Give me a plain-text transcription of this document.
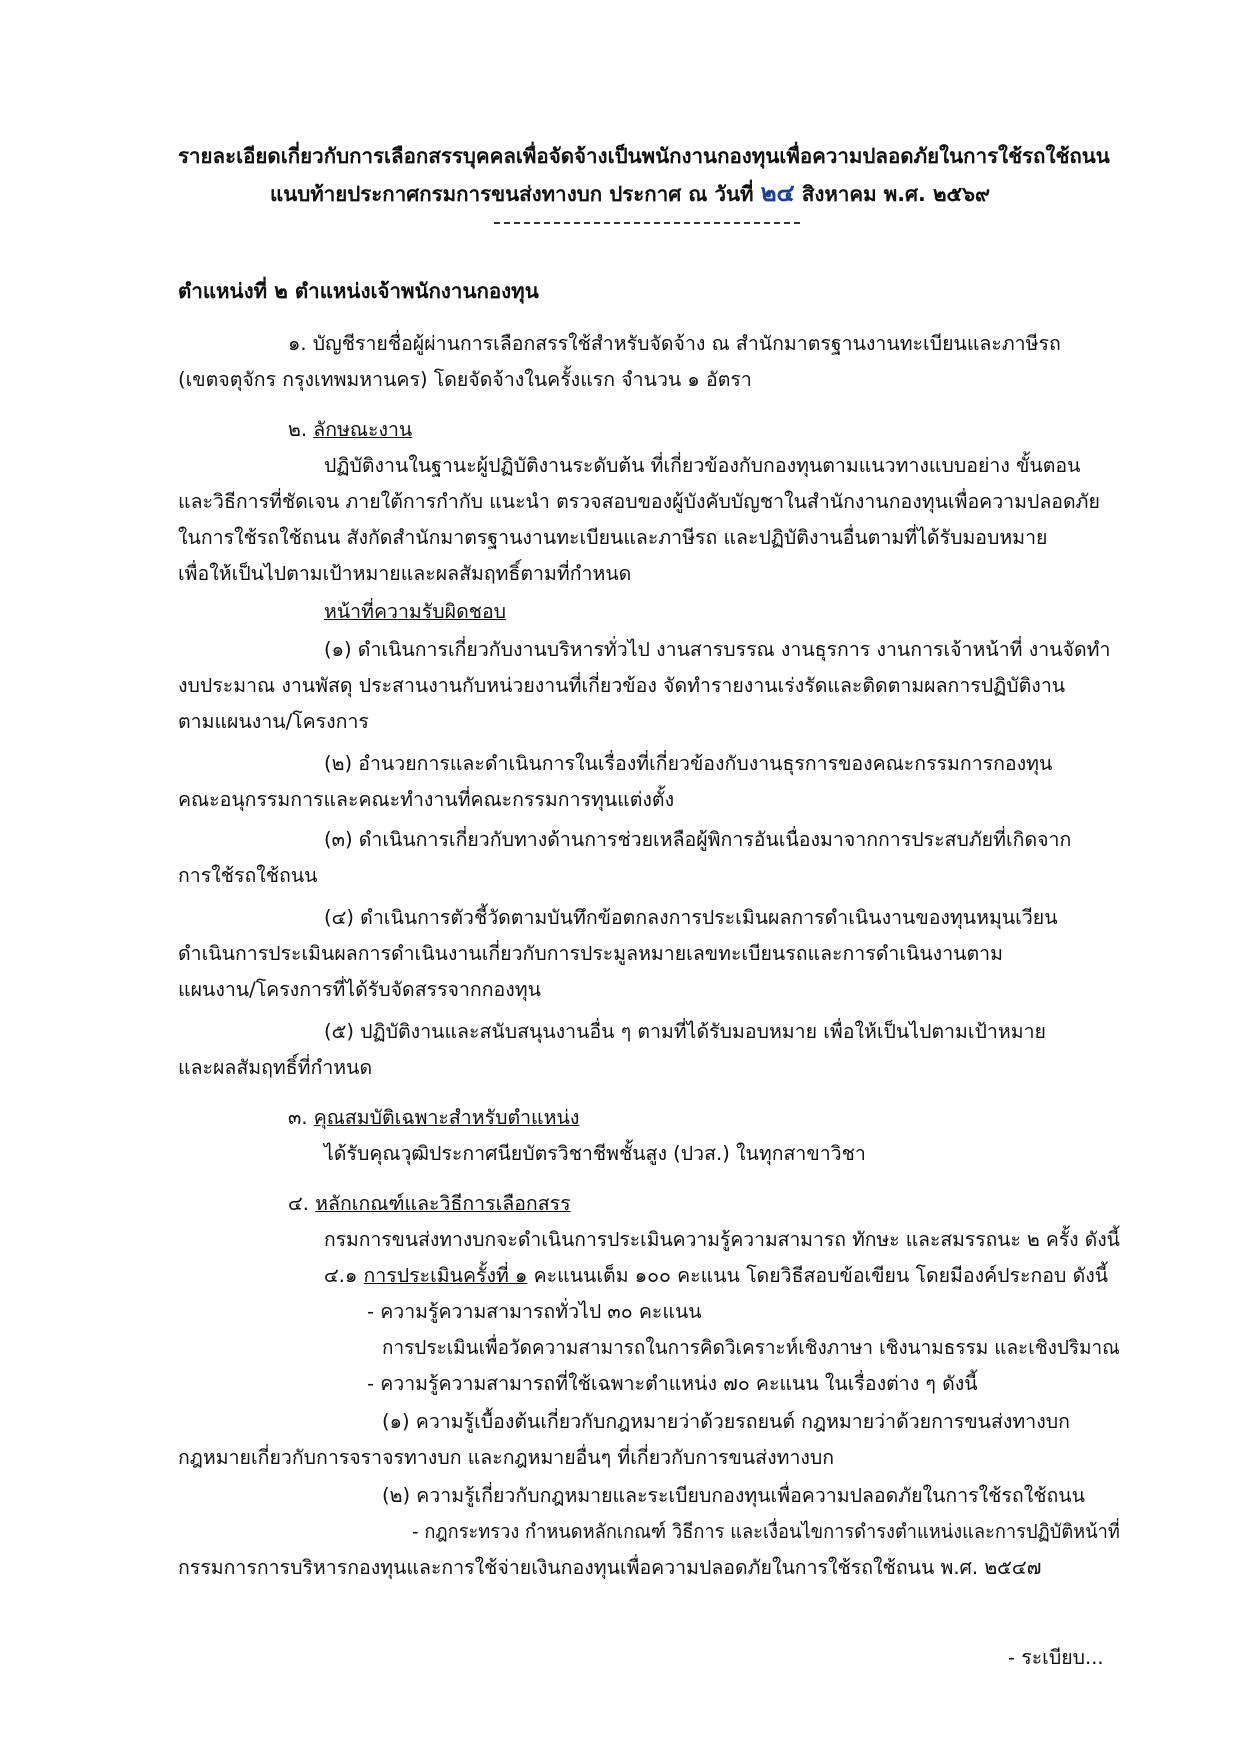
รายละเอียดเกี่ยวกับการเลือกสรรบุคคลเพื่อจัดจ้างเป็นพนักงานกองทุนเพื่อความปลอดภัยในการใช้รถใช้ถนน
แนบท้ายประกาศกรมการขนส่งทางบก ประกาศ ณ วันที่ ๒๔ สิงหาคม พ.ศ. ๒๕๖๙
ตำแหน่งที่ ๒ ตำแหน่งเจ้าพนักงานกองทุน
๑. บัญชีรายชื่อผู้ผ่านการเลือกสรรใช้สำหรับจัดจ้าง ณ สำนักมาตรฐานงานทะเบียนและภาษีรถ
(เขตจตุจักร กรุงเทพมหานคร) โดยจัดจ้างในครั้งแรก จำนวน ๑ อัตรา
๒. ลักษณะงาน
ปฏิบัติงานในฐานะผู้ปฏิบัติงานระดับต้น ที่เกี่ยวข้องกับกองทุนตามแนวทางแบบอย่าง ขั้นตอน
และวิธีการที่ชัดเจน ภายใต้การกำกับ แนะนำ ตรวจสอบของผู้บังคับบัญชาในสำนักงานกองทุนเพื่อความปลอดภัย
ในการใช้รถใช้ถนน สังกัดสำนักมาตรฐานงานทะเบียนและภาษีรถ และปฏิบัติงานอื่นตามที่ได้รับมอบหมาย
เพื่อให้เป็นไปตามเป้าหมายและผลสัมฤทธิ์ตามที่กำหนด
หน้าที่ความรับผิดชอบ
(๑) ดำเนินการเกี่ยวกับงานบริหารทั่วไป งานสารบรรณ งานธุรการ งานการเจ้าหน้าที่ งานจัดทำ
งบประมาณ งานพัสดุ ประสานงานกับหน่วยงานที่เกี่ยวข้อง จัดทำรายงานเร่งรัดและติดตามผลการปฏิบัติงาน
ตามแผนงาน/โครงการ
(๒) อำนวยการและดำเนินการในเรื่องที่เกี่ยวข้องกับงานธุรการของคณะกรรมการกองทุน
คณะอนุกรรมการและคณะทำงานที่คณะกรรมการทุนแต่งตั้ง
(๓) ดำเนินการเกี่ยวกับทางด้านการช่วยเหลือผู้พิการอันเนื่องมาจากการประสบภัยที่เกิดจาก
การใช้รถใช้ถนน
(๔) ดำเนินการตัวชี้วัดตามบันทึกข้อตกลงการประเมินผลการดำเนินงานของทุนหมุนเวียน
ดำเนินการประเมินผลการดำเนินงานเกี่ยวกับการประมูลหมายเลขทะเบียนรถและการดำเนินงานตาม
แผนงาน/โครงการที่ได้รับจัดสรรจากกองทุน
(๕) ปฏิบัติงานและสนับสนุนงานอื่น ๆ ตามที่ได้รับมอบหมาย เพื่อให้เป็นไปตามเป้าหมาย
และผลสัมฤทธิ์ที่กำหนด
๓. คุณสมบัติเฉพาะสำหรับตำแหน่ง
ได้รับคุณวุฒิประกาศนียบัตรวิชาชีพชั้นสูง (ปวส.) ในทุกสาขาวิชา
๔. หลักเกณฑ์และวิธีการเลือกสรร
กรมการขนส่งทางบกจะดำเนินการประเมินความรู้ความสามารถ ทักษะ และสมรรถนะ ๒ ครั้ง ดังนี้
๔.๑ การประเมินครั้งที่ ๑ คะแนนเต็ม ๑๐๐ คะแนน โดยวิธีสอบข้อเขียน โดยมีองค์ประกอบ ดังนี้
- ความรู้ความสามารถทั่วไป ๓๐ คะแนน
การประเมินเพื่อวัดความสามารถในการคิดวิเคราะห์เชิงภาษา เชิงนามธรรม และเชิงปริมาณ
- ความรู้ความสามารถที่ใช้เฉพาะตำแหน่ง ๗๐ คะแนน ในเรื่องต่าง ๆ ดังนี้
(๑) ความรู้เบื้องต้นเกี่ยวกับกฎหมายว่าด้วยรถยนต์ กฎหมายว่าด้วยการขนส่งทางบก
กฎหมายเกี่ยวกับการจราจรทางบก และกฎหมายอื่นๆ ที่เกี่ยวกับการขนส่งทางบก
(๒) ความรู้เกี่ยวกับกฎหมายและระเบียบกองทุนเพื่อความปลอดภัยในการใช้รถใช้ถนน
- กฎกระทรวง กำหนดหลักเกณฑ์ วิธีการ และเงื่อนไขการดำรงตำแหน่งและการปฏิบัติหน้าที่
กรรมการการบริหารกองทุนและการใช้จ่ายเงินกองทุนเพื่อความปลอดภัยในการใช้รถใช้ถนน พ.ศ. ๒๕๔๗
- ระเบียบ...
